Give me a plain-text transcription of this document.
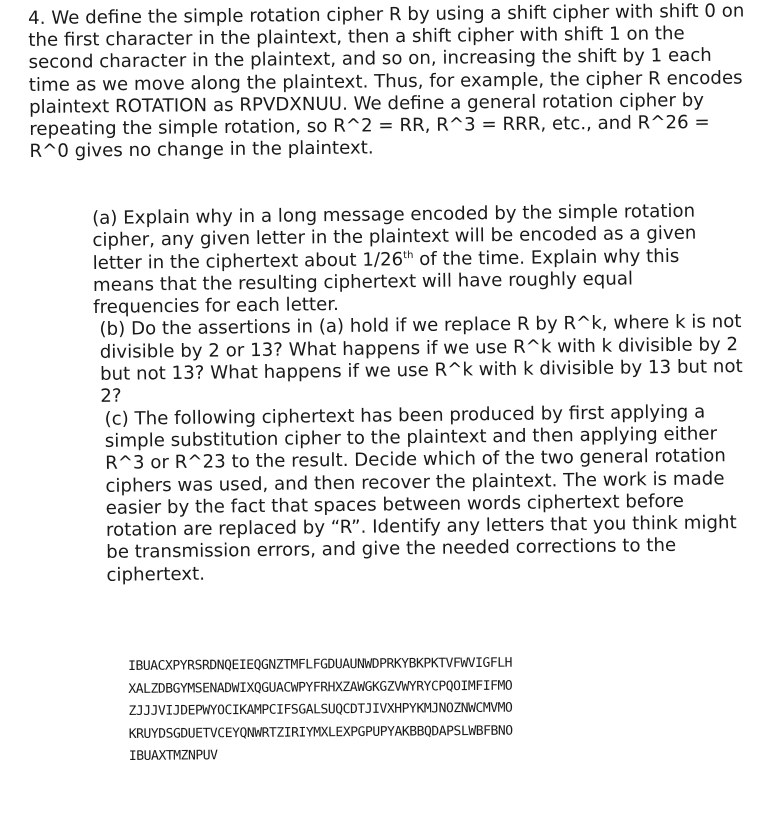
4. We define the simple rotation cipher R by using a shift cipher with shift 0 on the first character in the plaintext, then a shift cipher with shift 1 on the second character in the plaintext, and so on, increasing the shift by 1 each time as we move along the plaintext. Thus, for example, the cipher R encodes plaintext ROTATION as RPVDXNUU. We define a general rotation cipher by repeating the simple rotation, so R^2 = RR, R^3 = RRR, etc., and R^26 = R^0 gives no change in the plaintext.

(a) Explain why in a long message encoded by the simple rotation cipher, any given letter in the plaintext will be encoded as a given letter in the ciphertext about 1/26th of the time. Explain why this means that the resulting ciphertext will have roughly equal frequencies for each letter.

(b) Do the assertions in (a) hold if we replace R by R^k, where k is not divisible by 2 or 13? What happens if we use R^k with k divisible by 2 but not 13? What happens if we use R^k with k divisible by 13 but not 2?

(c) The following ciphertext has been produced by first applying a simple substitution cipher to the plaintext and then applying either R^3 or R^23 to the result. Decide which of the two general rotation ciphers was used, and then recover the plaintext. The work is made easier by the fact that spaces between words ciphertext before rotation are replaced by “R”. Identify any letters that you think might be transmission errors, and give the needed corrections to the ciphertext.

IBUACXPYRSRDNQEIEQGNZTMFLFGDUAUNWDPRKYBKPKTVFWVIGFLH
XALZDBGYMSENADWIXQGUACWPYFRHXZAWGKGZVWYRYCPQOIMFIFMO
ZJJJVIJDEPWYOCIKAMPCIFSGALSUQCDTJIVXHPYKMJNOZNWCMVMO
KRUYDSGDUETVCEYQNWRTZIRIYMXLEXPGPUPYAKBBQDAPSLWBFBNO
IBUAXTMZNPUV
